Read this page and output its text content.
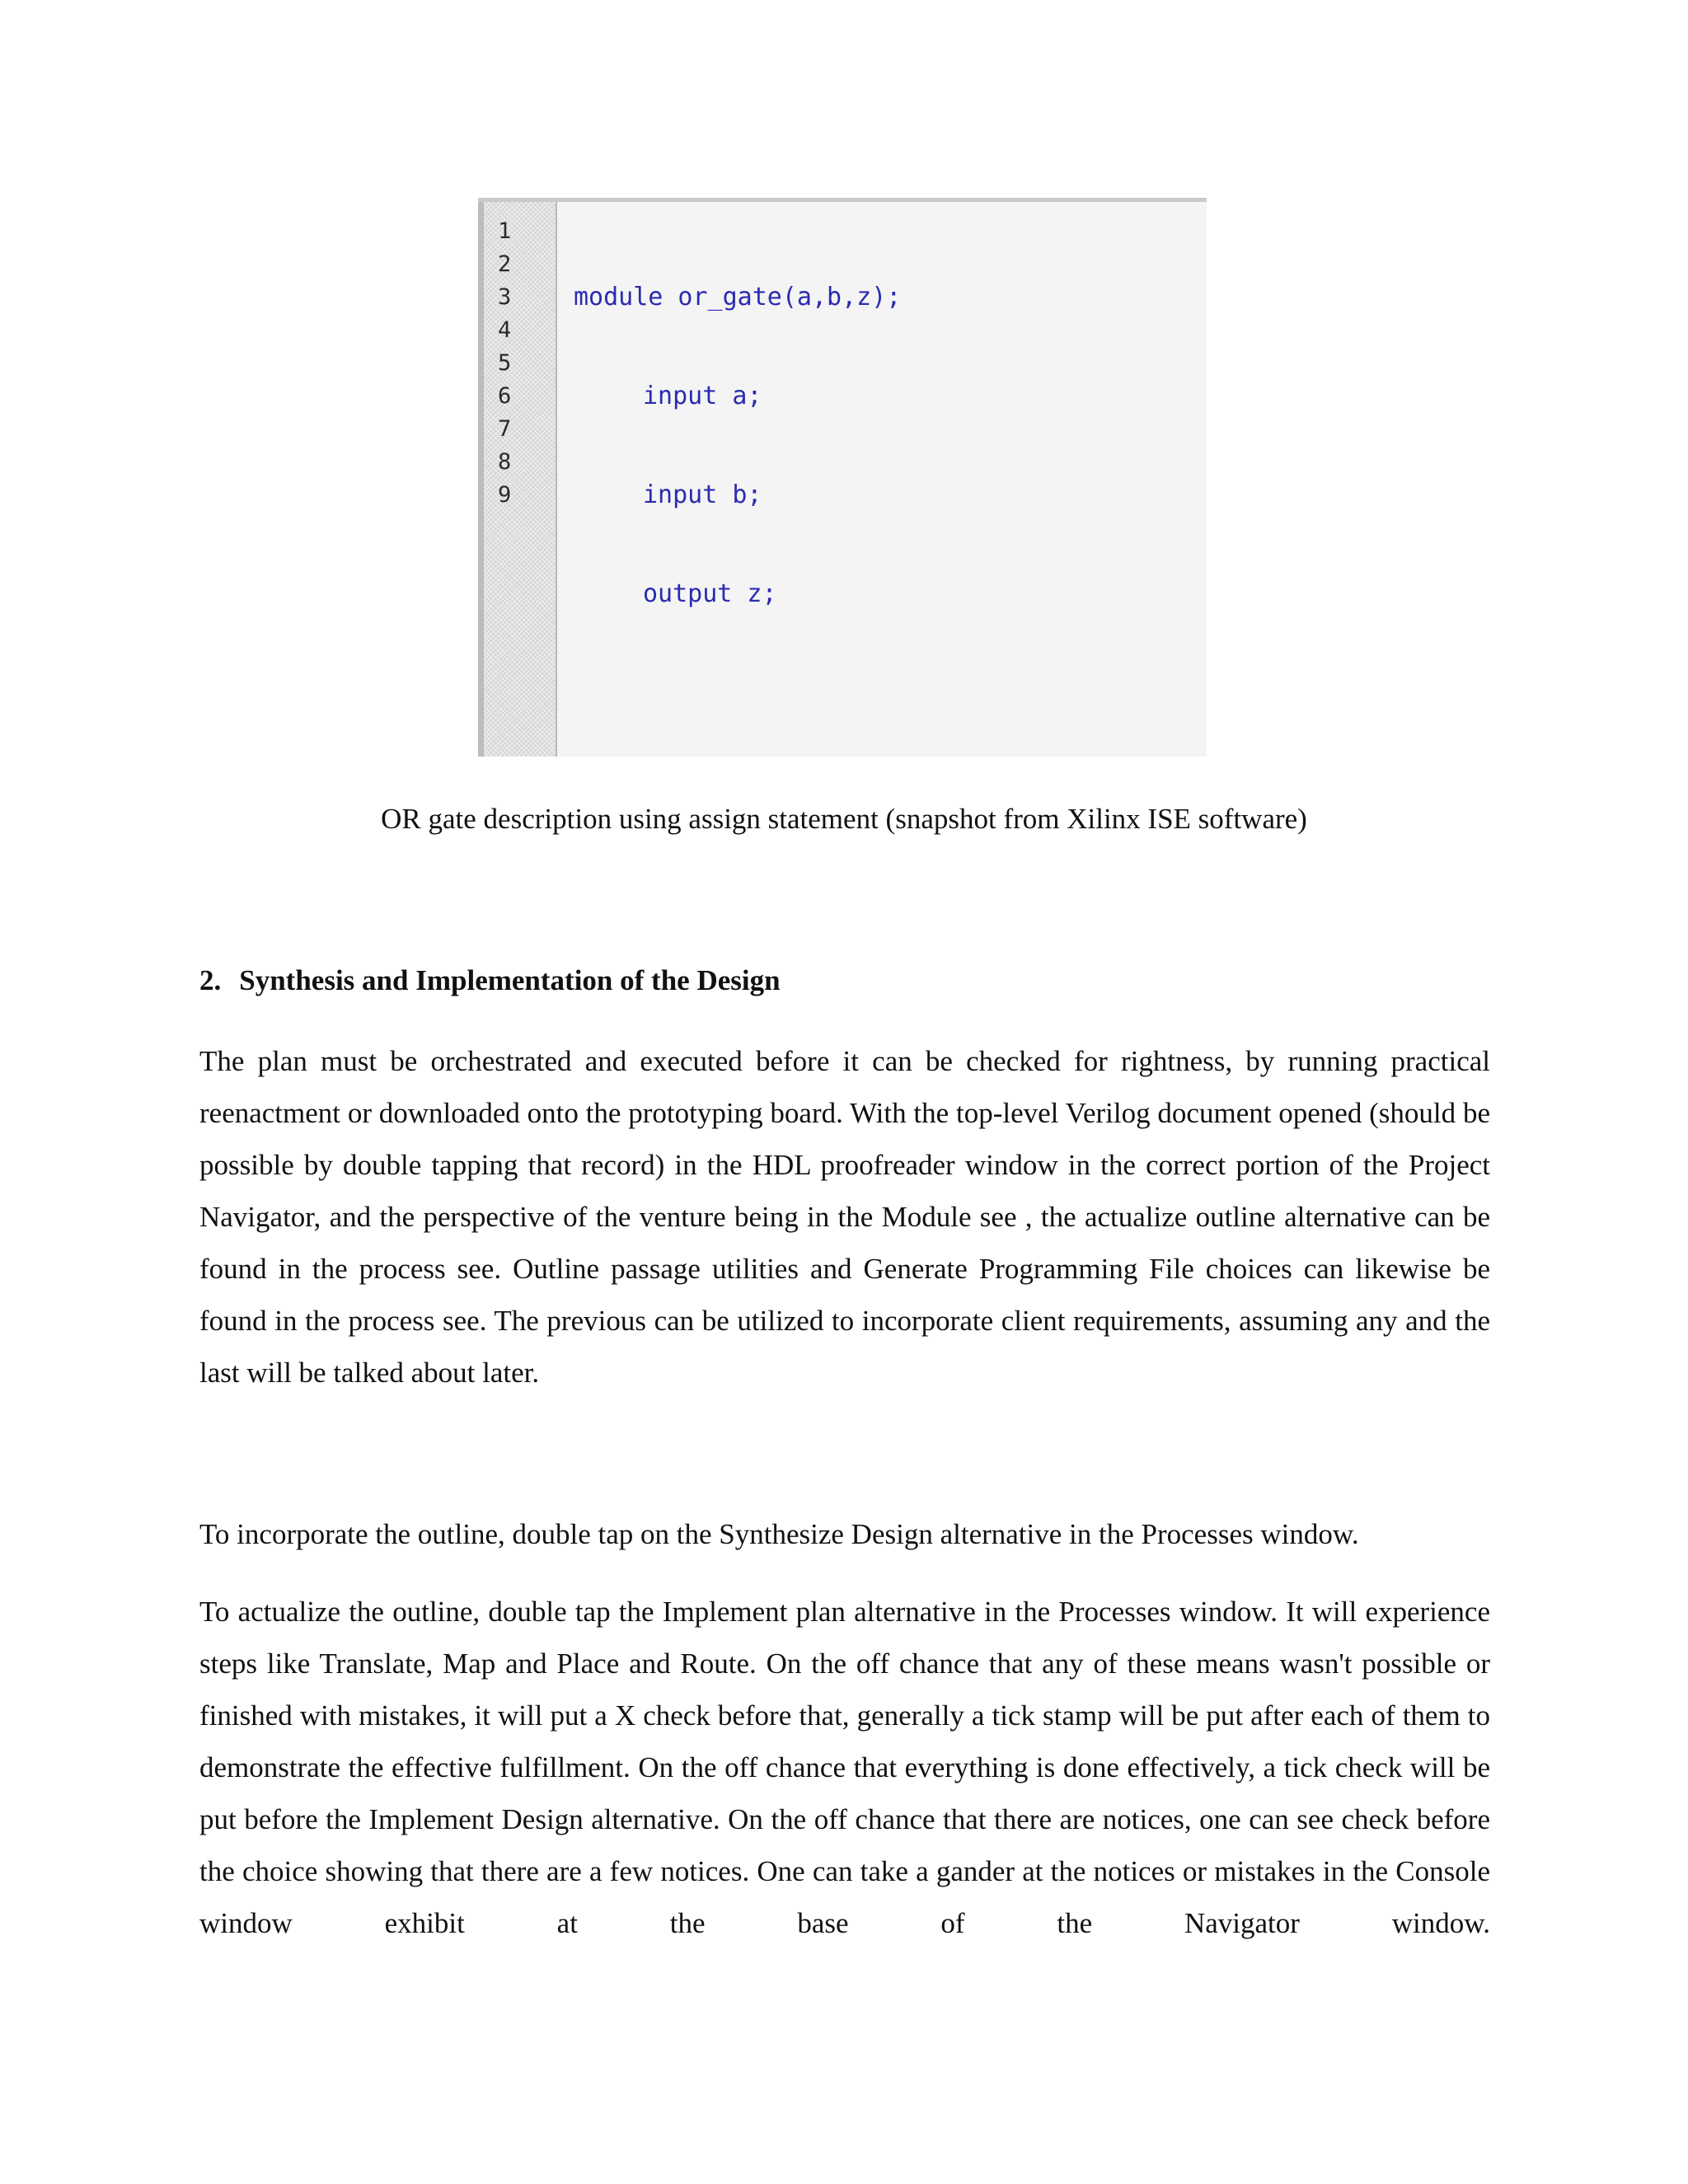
1
2
3
4
5
6
7
8
9

module or_gate(a,b,z);

input a;

input b;

output z;

OR gate description using assign statement (snapshot from Xilinx ISE software)
2. Synthesis and Implementation of the Design

The plan must be orchestrated and executed before it can be checked for rightness, by running practical reenactment or downloaded onto the prototyping board. With the top-level Verilog document opened (should be possible by double tapping that record) in the HDL proofreader window in the correct portion of the Project Navigator, and the perspective of the venture being in the Module see , the actualize outline alternative can be found in the process see. Outline passage utilities and Generate Programming File choices can likewise be found in the process see. The previous can be utilized to incorporate client requirements, assuming any and the last will be talked about later.

To incorporate the outline, double tap on the Synthesize Design alternative in the Processes window.

To actualize the outline, double tap the Implement plan alternative in the Processes window. It will experience steps like Translate, Map and Place and Route. On the off chance that any of these means wasn't possible or finished with mistakes, it will put a X check before that, generally a tick stamp will be put after each of them to demonstrate the effective fulfillment. On the off chance that everything is done effectively, a tick check will be put before the Implement Design alternative. On the off chance that there are notices, one can see check before the choice showing that there are a few notices. One can take a gander at the notices or mistakes in the Console window exhibit at the base of the Navigator window.
